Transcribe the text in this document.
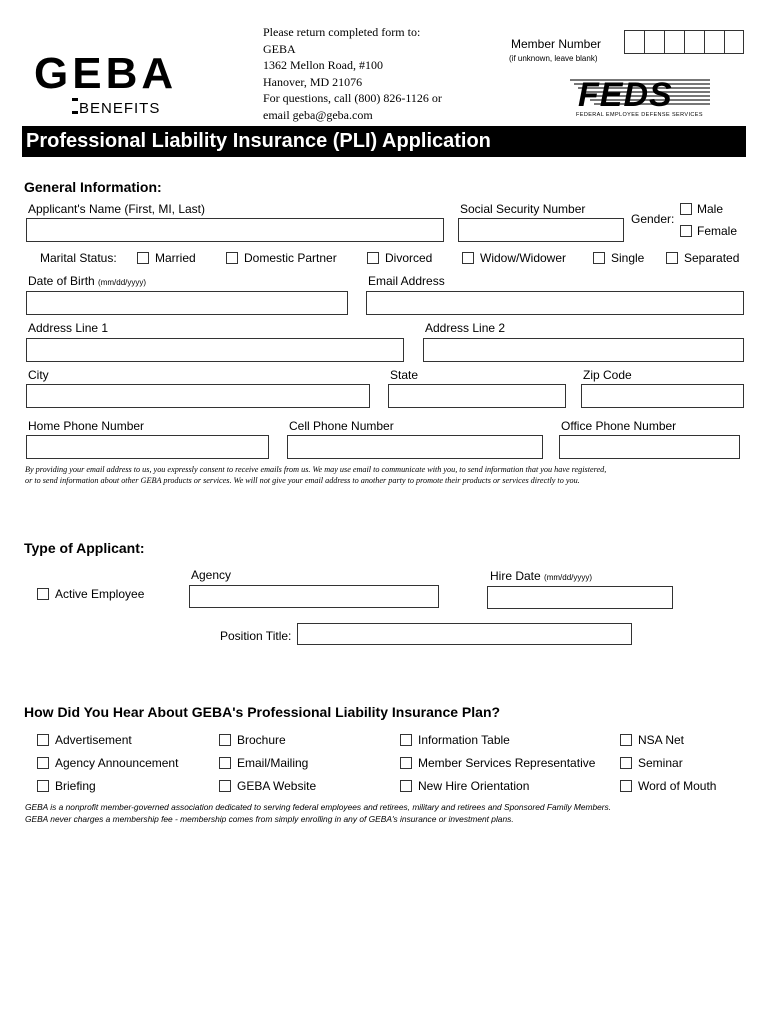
GEBA
BENEFITS
Please return completed form to:
GEBA
1362 Mellon Road, #100
Hanover, MD 21076
For questions, call (800) 826-1126 or
email geba@geba.com
Member Number
(if unknown, leave blank)
FEDS
FEDERAL EMPLOYEE DEFENSE SERVICES
Professional Liability Insurance (PLI) Application
General Information:
Applicant's Name (First, MI, Last)	Social Security Number
Gender:
Male
Female
Marital Status:	Married	Domestic Partner	Divorced	Widow/Widower	Single	Separated
Date of Birth (mm/dd/yyyy)	Email Address
Address Line 1	Address Line 2
City	State	Zip Code
Home Phone Number	Cell Phone Number	Office Phone Number
By providing your email address to us, you expressly consent to receive emails from us. We may use email to communicate with you, to send information that you have registered,
or to send information about other GEBA products or services. We will not give your email address to another party to promote their products or services directly to you.
Type of Applicant:
Active Employee
Agency	Hire Date (mm/dd/yyyy)
Position Title:
How Did You Hear About GEBA's Professional Liability Insurance Plan?
Advertisement	Brochure	Information Table	NSA Net
Agency Announcement	Email/Mailing	Member Services Representative	Seminar
Briefing	GEBA Website	New Hire Orientation	Word of Mouth
GEBA is a nonprofit member-governed association dedicated to serving federal employees and retirees, military and retirees and Sponsored Family Members.
GEBA never charges a membership fee - membership comes from simply enrolling in any of GEBA's insurance or investment plans.
